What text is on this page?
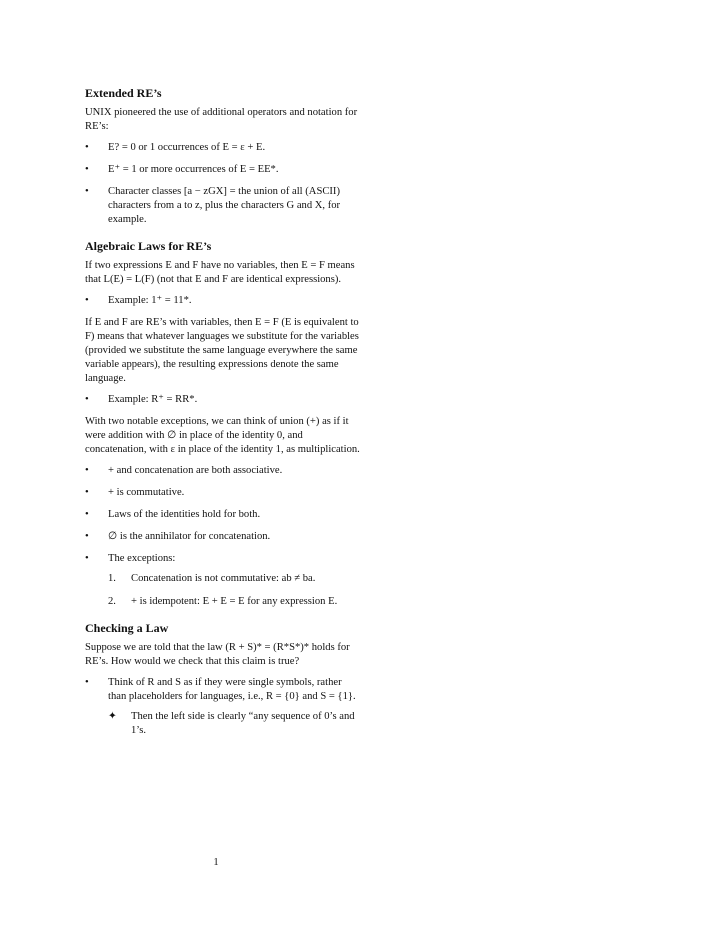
Extended RE’s

UNIX pioneered the use of additional operators and notation for RE’s:

• E? = 0 or 1 occurrences of E = ε + E.
• E⁺ = 1 or more occurrences of E = EE*.
• Character classes [a − zGX] = the union of all (ASCII) characters from a to z, plus the characters G and X, for example.
Algebraic Laws for RE’s

If two expressions E and F have no variables, then E = F means that L(E) = L(F) (not that E and F are identical expressions).

• Example: 1⁺ = 11*.

If E and F are RE’s with variables, then E = F (E is equivalent to F) means that whatever languages we substitute for the variables (provided we substitute the same language everywhere the same variable appears), the resulting expressions denote the same language.

• Example: R⁺ = RR*.

With two notable exceptions, we can think of union (+) as if it were addition with ∅ in place of the identity 0, and concatenation, with ε in place of the identity 1, as multiplication.

• + and concatenation are both associative.
• + is commutative.
• Laws of the identities hold for both.
• ∅ is the annihilator for concatenation.
• The exceptions:
1. Concatenation is not commutative: ab ≠ ba.
2. + is idempotent: E + E = E for any expression E.
Checking a Law

Suppose we are told that the law (R + S)* = (R*S*)* holds for RE’s. How would we check that this claim is true?

• Think of R and S as if they were single symbols, rather than placeholders for languages, i.e., R = {0} and S = {1}.
✦ Then the left side is clearly “any sequence of 0’s and 1’s.
1
